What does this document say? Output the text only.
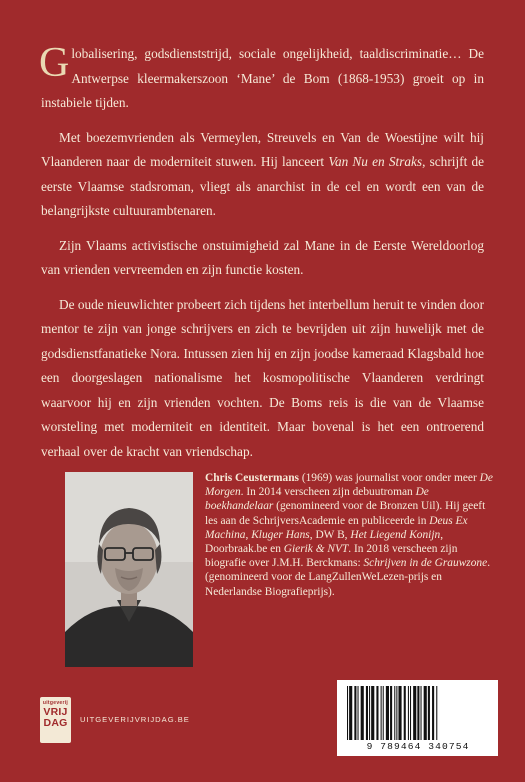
Globalisering, godsdienststrijd, sociale ongelijkheid, taaldiscriminatie… De Antwerpse kleermakerszoon ‘Mane’ de Bom (1868-1953) groeit op in instabiele tijden.

Met boezemvrienden als Vermeylen, Streuvels en Van de Woestijne wilt hij Vlaanderen naar de moderniteit stuwen. Hij lanceert Van Nu en Straks, schrijft de eerste Vlaamse stadsroman, vliegt als anarchist in de cel en wordt een van de belangrijkste cultuurambtenaren.

Zijn Vlaams activistische onstuimigheid zal Mane in de Eerste Wereldoorlog van vrienden vervreemden en zijn functie kosten.

De oude nieuwlichter probeert zich tijdens het interbellum heruit te vinden door mentor te zijn van jonge schrijvers en zich te bevrijden uit zijn huwelijk met de godsdienstfanatieke Nora. Intussen zien hij en zijn joodse kameraad Klagsbald hoe een doorgeslagen nationalisme het kosmopolitische Vlaanderen verdringt waarvoor hij en zijn vrienden vochten. De Boms reis is die van de Vlaamse worsteling met moderniteit en identiteit. Maar bovenal is het een ontroerend verhaal over de kracht van vriendschap.

Chris Ceustermans (1969) was journalist voor onder meer De Morgen. In 2014 verscheen zijn debuutroman De boekhandelaar (genomineerd voor de Bronzen Uil). Hij geeft les aan de SchrijversAcademie en publiceerde in Deus Ex Machina, Kluger Hans, DW B, Het Liegend Konijn, Doorbraak.be en Gierik & NVT. In 2018 verscheen zijn biografie over J.M.H. Berckmans: Schrijven in de Grauwzone. (genomineerd voor de LangZullenWeLezen-prijs en Nederlandse Biografieprijs).

uitgeverij
VRIJ
DAG	UITGEVERIJVRIJDAG.BE
9 789464 340754
